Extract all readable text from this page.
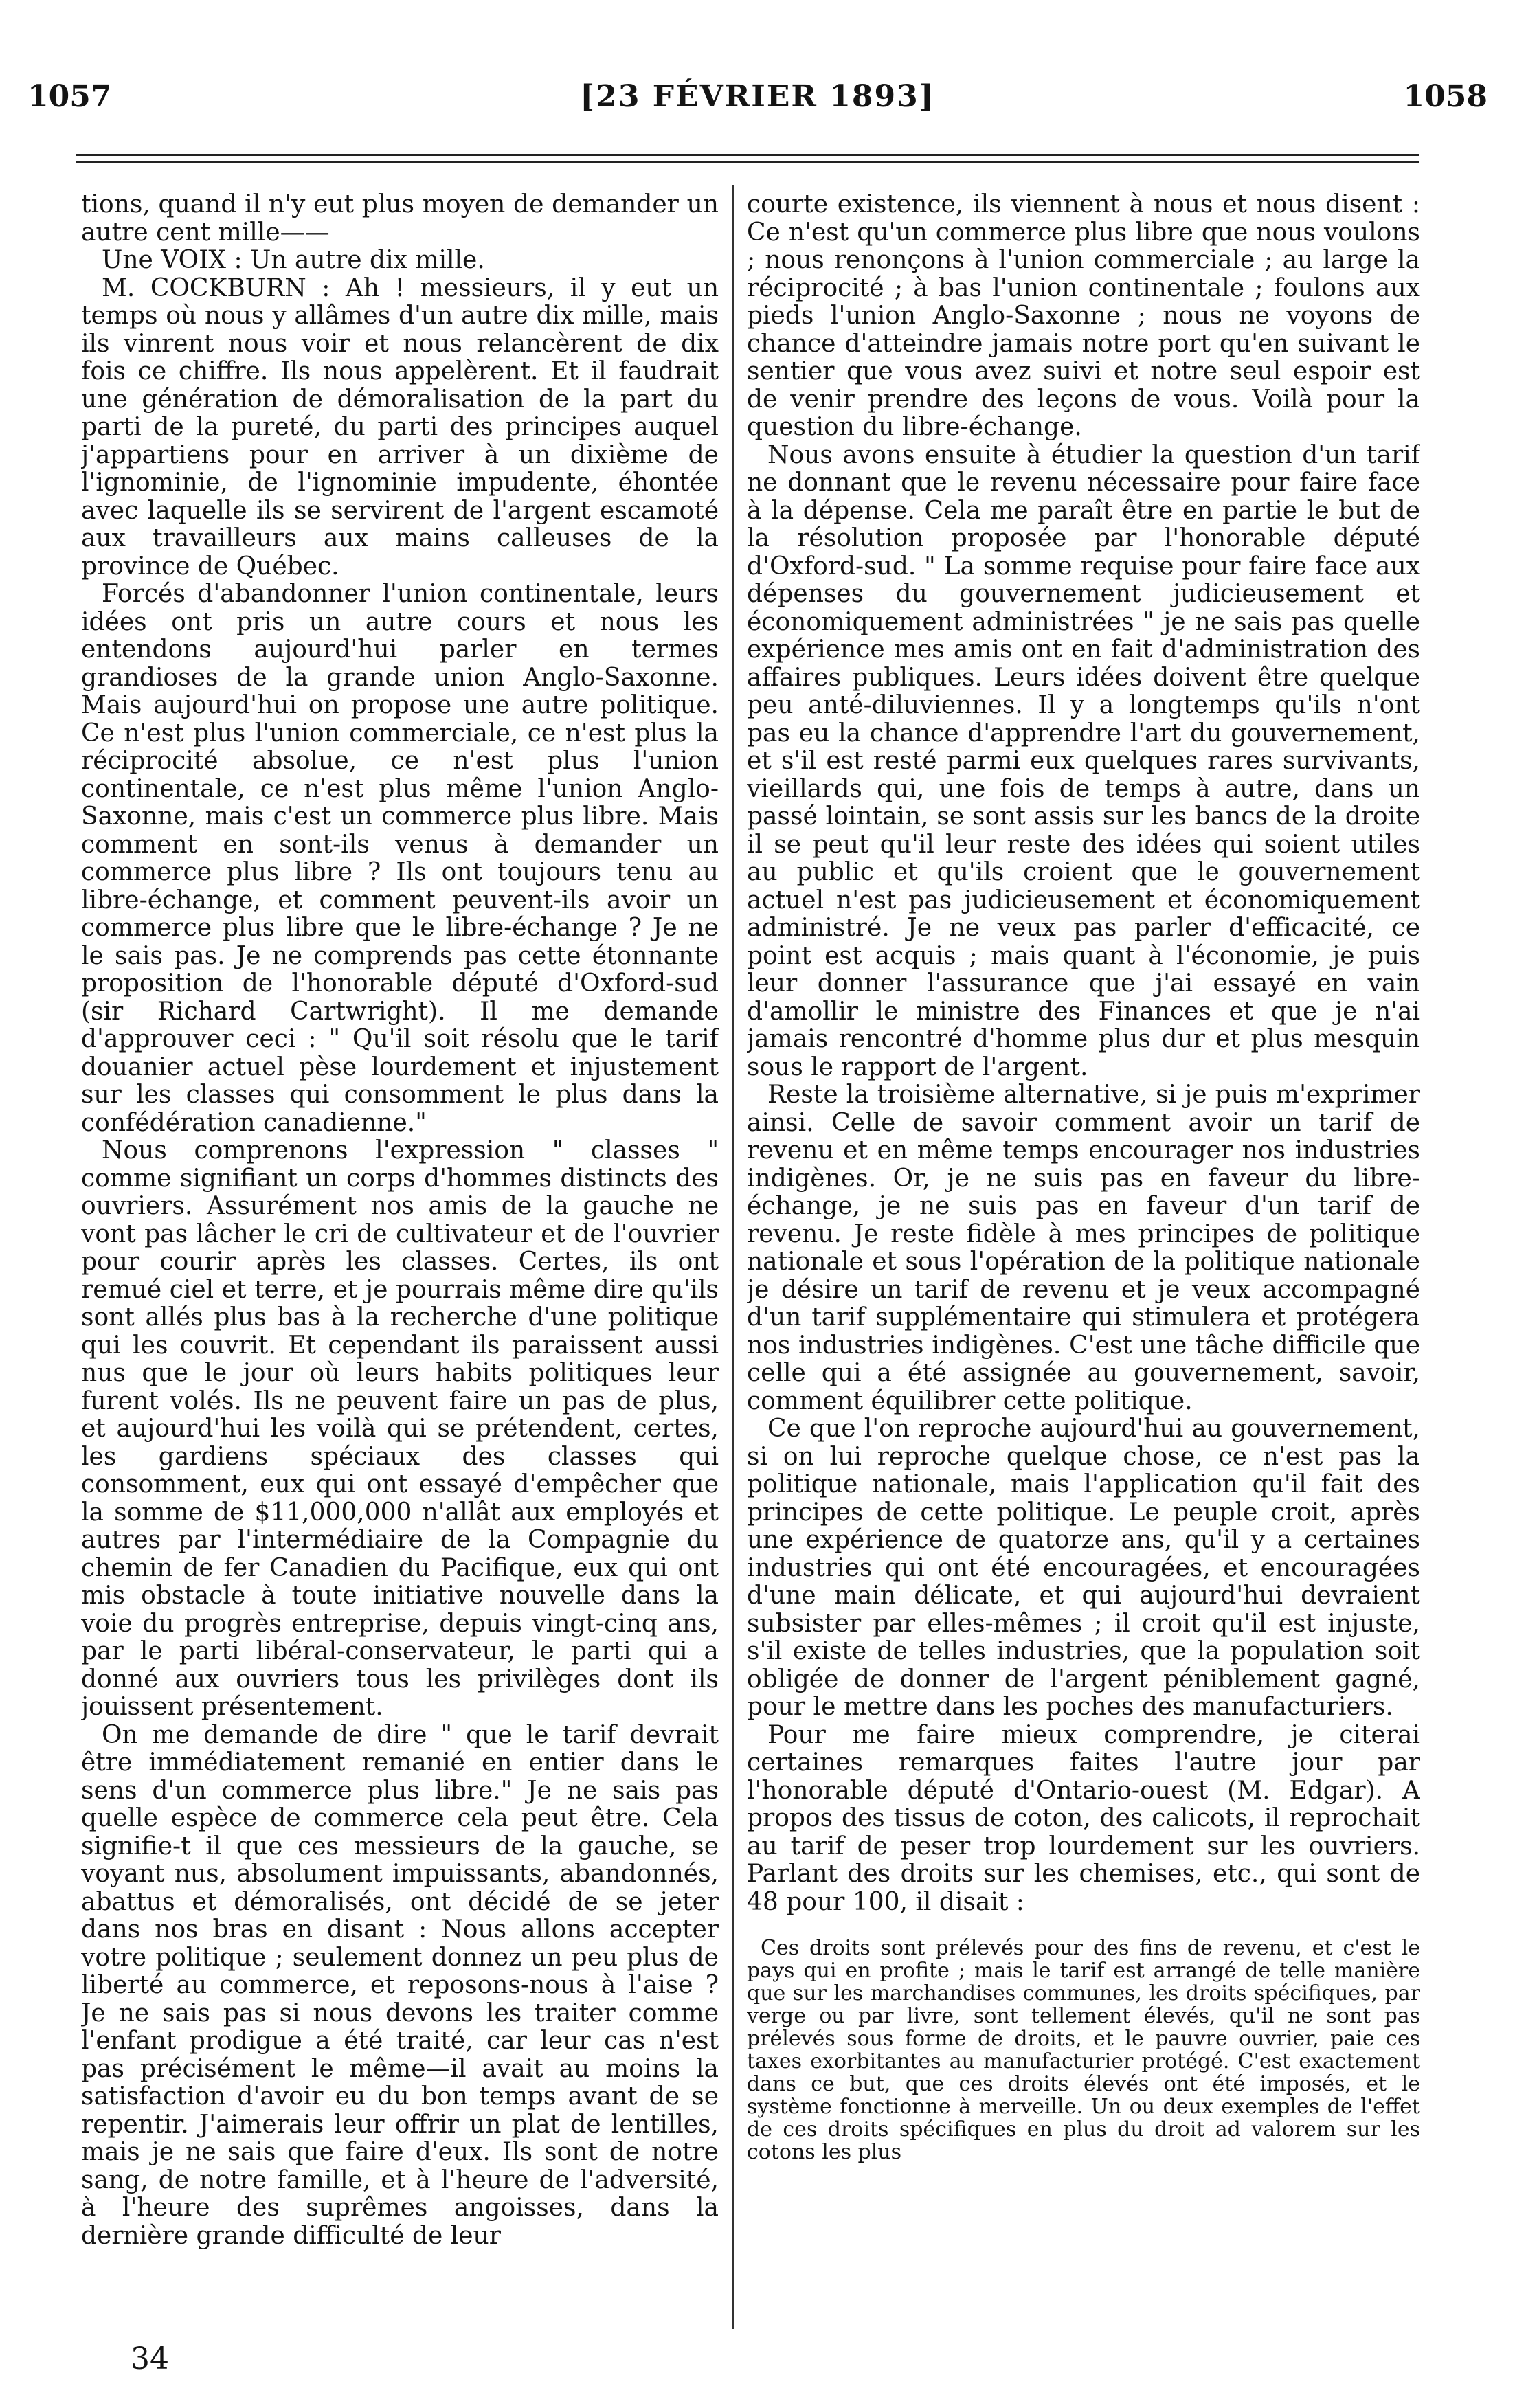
1057	[23 FÉVRIER 1893]	1058

tions, quand il n'y eut plus moyen de demander un autre cent mille——

Une VOIX : Un autre dix mille.

M. COCKBURN : Ah ! messieurs, il y eut un temps où nous y allâmes d'un autre dix mille, mais ils vinrent nous voir et nous relancèrent de dix fois ce chiffre. Ils nous appelèrent. Et il faudrait une génération de démoralisation de la part du parti de la pureté, du parti des principes auquel j'appartiens pour en arriver à un dixième de l'ignominie, de l'ignominie impudente, éhontée avec laquelle ils se servirent de l'argent escamoté aux travailleurs aux mains calleuses de la province de Québec.

Forcés d'abandonner l'union continentale, leurs idées ont pris un autre cours et nous les entendons aujourd'hui parler en termes grandioses de la grande union Anglo-Saxonne. Mais aujourd'hui on propose une autre politique. Ce n'est plus l'union commerciale, ce n'est plus la réciprocité absolue, ce n'est plus l'union continentale, ce n'est plus même l'union Anglo-Saxonne, mais c'est un commerce plus libre. Mais comment en sont-ils venus à demander un commerce plus libre ? Ils ont toujours tenu au libre-échange, et comment peuvent-ils avoir un commerce plus libre que le libre-échange ? Je ne le sais pas. Je ne comprends pas cette étonnante proposition de l'honorable député d'Oxford-sud (sir Richard Cartwright). Il me demande d'approuver ceci : " Qu'il soit résolu que le tarif douanier actuel pèse lourdement et injustement sur les classes qui consomment le plus dans la confédération canadienne."

Nous comprenons l'expression " classes " comme signifiant un corps d'hommes distincts des ouvriers. Assurément nos amis de la gauche ne vont pas lâcher le cri de cultivateur et de l'ouvrier pour courir après les classes. Certes, ils ont remué ciel et terre, et je pourrais même dire qu'ils sont allés plus bas à la recherche d'une politique qui les couvrit. Et cependant ils paraissent aussi nus que le jour où leurs habits politiques leur furent volés. Ils ne peuvent faire un pas de plus, et aujourd'hui les voilà qui se prétendent, certes, les gardiens spéciaux des classes qui consomment, eux qui ont essayé d'empêcher que la somme de $11,000,000 n'allât aux employés et autres par l'intermédiaire de la Compagnie du chemin de fer Canadien du Pacifique, eux qui ont mis obstacle à toute initiative nouvelle dans la voie du progrès entreprise, depuis vingt-cinq ans, par le parti libéral-conservateur, le parti qui a donné aux ouvriers tous les privilèges dont ils jouissent présentement.

On me demande de dire " que le tarif devrait être immédiatement remanié en entier dans le sens d'un commerce plus libre." Je ne sais pas quelle espèce de commerce cela peut être. Cela signifie-t il que ces messieurs de la gauche, se voyant nus, absolument impuissants, abandonnés, abattus et démoralisés, ont décidé de se jeter dans nos bras en disant : Nous allons accepter votre politique ; seulement donnez un peu plus de liberté au commerce, et reposons-nous à l'aise ? Je ne sais pas si nous devons les traiter comme l'enfant prodigue a été traité, car leur cas n'est pas précisément le même—il avait au moins la satisfaction d'avoir eu du bon temps avant de se repentir. J'aimerais leur offrir un plat de lentilles, mais je ne sais que faire d'eux. Ils sont de notre sang, de notre famille, et à l'heure de l'adversité, à l'heure des suprêmes angoisses, dans la dernière grande difficulté de leur

courte existence, ils viennent à nous et nous disent : Ce n'est qu'un commerce plus libre que nous voulons ; nous renonçons à l'union commerciale ; au large la réciprocité ; à bas l'union continentale ; foulons aux pieds l'union Anglo-Saxonne ; nous ne voyons de chance d'atteindre jamais notre port qu'en suivant le sentier que vous avez suivi et notre seul espoir est de venir prendre des leçons de vous. Voilà pour la question du libre-échange.

Nous avons ensuite à étudier la question d'un tarif ne donnant que le revenu nécessaire pour faire face à la dépense. Cela me paraît être en partie le but de la résolution proposée par l'honorable député d'Oxford-sud. " La somme requise pour faire face aux dépenses du gouvernement judicieusement et économiquement administrées " je ne sais pas quelle expérience mes amis ont en fait d'administration des affaires publiques. Leurs idées doivent être quelque peu anté-diluviennes. Il y a longtemps qu'ils n'ont pas eu la chance d'apprendre l'art du gouvernement, et s'il est resté parmi eux quelques rares survivants, vieillards qui, une fois de temps à autre, dans un passé lointain, se sont assis sur les bancs de la droite il se peut qu'il leur reste des idées qui soient utiles au public et qu'ils croient que le gouvernement actuel n'est pas judicieusement et économiquement administré. Je ne veux pas parler d'efficacité, ce point est acquis ; mais quant à l'économie, je puis leur donner l'assurance que j'ai essayé en vain d'amollir le ministre des Finances et que je n'ai jamais rencontré d'homme plus dur et plus mesquin sous le rapport de l'argent.

Reste la troisième alternative, si je puis m'exprimer ainsi. Celle de savoir comment avoir un tarif de revenu et en même temps encourager nos industries indigènes. Or, je ne suis pas en faveur du libre-échange, je ne suis pas en faveur d'un tarif de revenu. Je reste fidèle à mes principes de politique nationale et sous l'opération de la politique nationale je désire un tarif de revenu et je veux accompagné d'un tarif supplémentaire qui stimulera et protégera nos industries indigènes. C'est une tâche difficile que celle qui a été assignée au gouvernement, savoir, comment équilibrer cette politique.

Ce que l'on reproche aujourd'hui au gouvernement, si on lui reproche quelque chose, ce n'est pas la politique nationale, mais l'application qu'il fait des principes de cette politique. Le peuple croit, après une expérience de quatorze ans, qu'il y a certaines industries qui ont été encouragées, et encouragées d'une main délicate, et qui aujourd'hui devraient subsister par elles-mêmes ; il croit qu'il est injuste, s'il existe de telles industries, que la population soit obligée de donner de l'argent péniblement gagné, pour le mettre dans les poches des manufacturiers.

Pour me faire mieux comprendre, je citerai certaines remarques faites l'autre jour par l'honorable député d'Ontario-ouest (M. Edgar). A propos des tissus de coton, des calicots, il reprochait au tarif de peser trop lourdement sur les ouvriers. Parlant des droits sur les chemises, etc., qui sont de 48 pour 100, il disait :

Ces droits sont prélevés pour des fins de revenu, et c'est le pays qui en profite ; mais le tarif est arrangé de telle manière que sur les marchandises communes, les droits spécifiques, par verge ou par livre, sont tellement élevés, qu'il ne sont pas prélevés sous forme de droits, et le pauvre ouvrier, paie ces taxes exorbitantes au manufacturier protégé. C'est exactement dans ce but, que ces droits élevés ont été imposés, et le système fonctionne à merveille. Un ou deux exemples de l'effet de ces droits spécifiques en plus du droit ad valorem sur les cotons les plus

34
